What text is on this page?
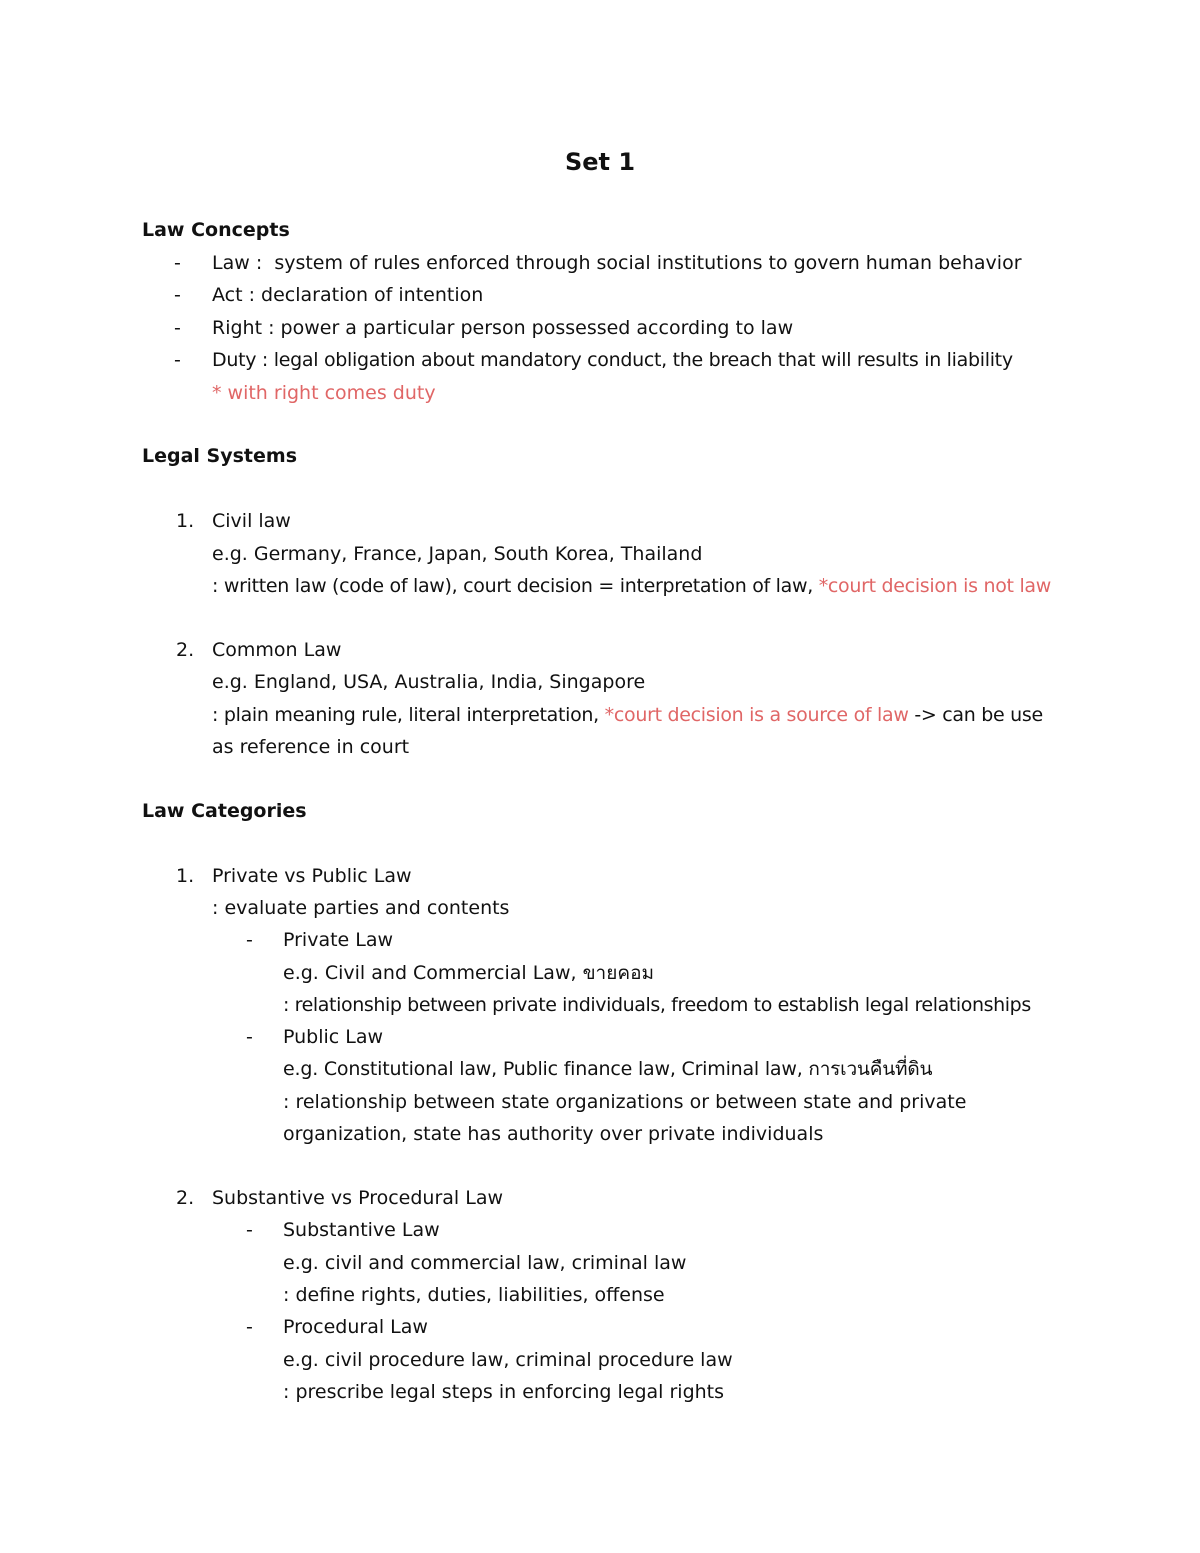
Set 1
Law Concepts
- Law :  system of rules enforced through social institutions to govern human behavior
- Act : declaration of intention
- Right : power a particular person possessed according to law
- Duty : legal obligation about mandatory conduct, the breach that will results in liability
* with right comes duty
Legal Systems
1. Civil law
e.g. Germany, France, Japan, South Korea, Thailand
: written law (code of law), court decision = interpretation of law, *court decision is not law
2. Common Law
e.g. England, USA, Australia, India, Singapore
: plain meaning rule, literal interpretation, *court decision is a source of law -> can be use
as reference in court
Law Categories
1. Private vs Public Law
: evaluate parties and contents
- Private Law
e.g. Civil and Commercial Law, ขายคอม
: relationship between private individuals, freedom to establish legal relationships
- Public Law
e.g. Constitutional law, Public finance law, Criminal law, การเวนคืนที่ดิน
: relationship between state organizations or between state and private
organization, state has authority over private individuals
2. Substantive vs Procedural Law
- Substantive Law
e.g. civil and commercial law, criminal law
: define rights, duties, liabilities, offense
- Procedural Law
e.g. civil procedure law, criminal procedure law
: prescribe legal steps in enforcing legal rights
